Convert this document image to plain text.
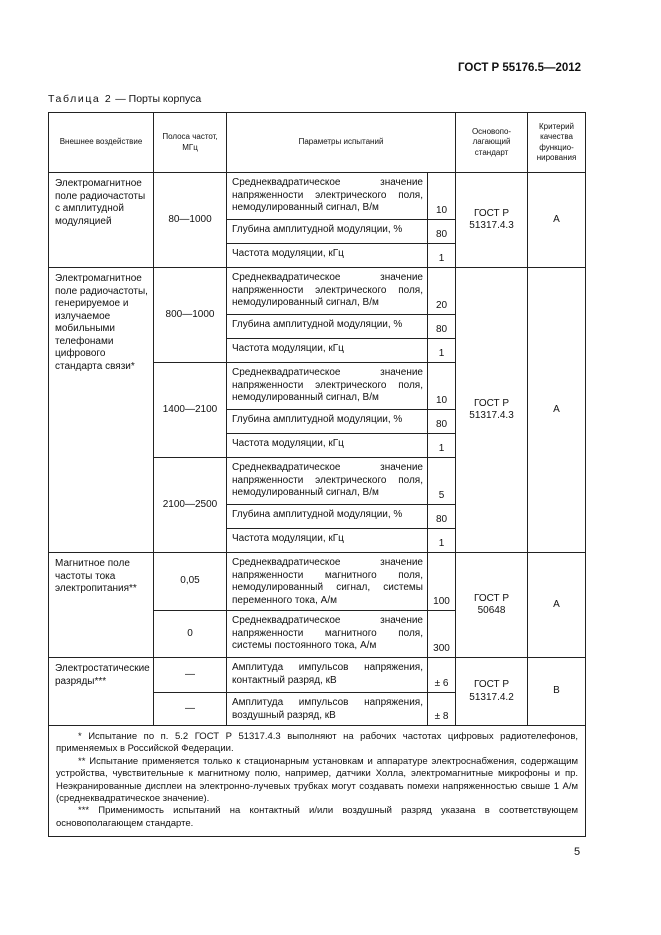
ГОСТ Р 55176.5—2012
Таблица 2 — Порты корпуса
Внешнее воздействие	Полоса частот, МГц	Параметры испытаний		Основопо-лагающий стандарт	Критерий качества функцио-нирования
Электромагнитное поле радиочастоты с амплитудной модуляцией	80—1000	Среднеквадратическое значение напряженности электрического поля, немодулированный сигнал, В/м	10	ГОСТ Р 51317.4.3	А
		Глубина амплитудной модуляции, %	80		
		Частота модуляции, кГц	1		
Электромагнитное поле радиочастоты, генерируемое и излучаемое мобильными телефонами цифрового стандарта связи*	800—1000	Среднеквадратическое значение напряженности электрического поля, немодулированный сигнал, В/м	20	ГОСТ Р 51317.4.3	А
		Глубина амплитудной модуляции, %	80		
		Частота модуляции, кГц	1		
	1400—2100	Среднеквадратическое значение напряженности электрического поля, немодулированный сигнал, В/м	10		
		Глубина амплитудной модуляции, %	80		
		Частота модуляции, кГц	1		
	2100—2500	Среднеквадратическое значение напряженности электрического поля, немодулированный сигнал, В/м	5		
		Глубина амплитудной модуляции, %	80		
		Частота модуляции, кГц	1		
Магнитное поле частоты тока электропитания**	0,05	Среднеквадратическое значение напряженности магнитного поля, немодулированный сигнал, системы переменного тока, А/м	100	ГОСТ Р 50648	А
	0	Среднеквадратическое значение напряженности магнитного поля, системы постоянного тока, А/м	300		
Электростатические разряды***	—	Амплитуда импульсов напряжения, контактный разряд, кВ	± 6	ГОСТ Р 51317.4.2	В
	—	Амплитуда импульсов напряжения, воздушный разряд, кВ	± 8		

* Испытание по п. 5.2 ГОСТ Р 51317.4.3 выполняют на рабочих частотах цифровых радиотелефонов, применяемых в Российской Федерации.

** Испытание применяется только к стационарным установкам и аппаратуре электроснабжения, содержащим устройства, чувствительные к магнитному полю, например, датчики Холла, электромагнитные микрофоны и пр. Неэкранированные дисплеи на электронно-лучевых трубках могут создавать помехи напряженностью свыше 1 А/м (среднеквадратическое значение).

*** Применимость испытаний на контактный и/или воздушный разряд указана в соответствующем основополагающем стандарте.					

5
